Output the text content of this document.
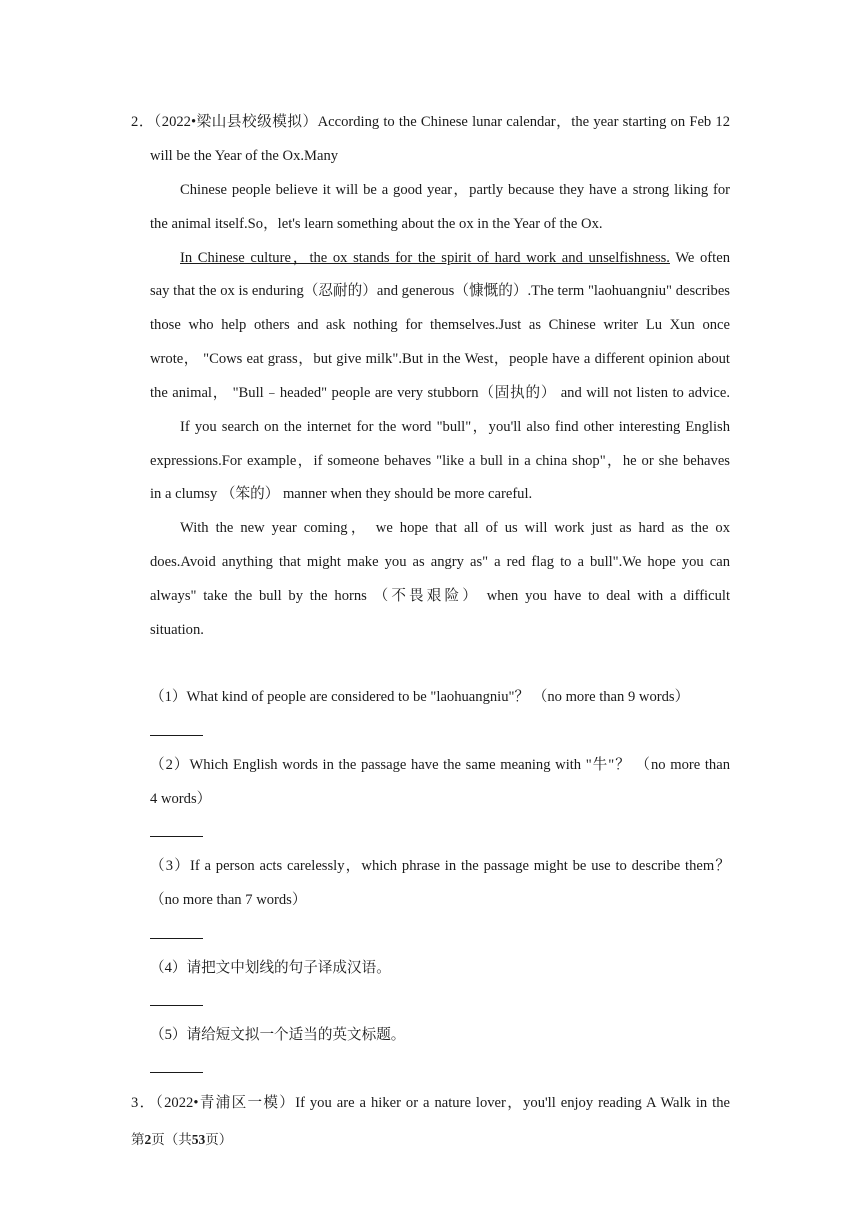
2．（2022•梁山县校级模拟）According to the Chinese lunar calendar，the year starting on Feb 12
will be the Year of the Ox.Many
Chinese people believe it will be a good year，partly because they have a strong liking for
the animal itself.So，let's learn something about the ox in the Year of the Ox.
In Chinese culture，the ox stands for the spirit of hard work and unselfishness. We often
say that the ox is enduring（忍耐的）and generous（慷慨的）.The term "laohuangniu" describes
those who help others and ask nothing for themselves.Just as Chinese writer Lu Xun once
wrote， "Cows eat grass，but give milk".But in the West，people have a different opinion about
the animal， "Bull﹣headed" people are very stubborn（固执的） and will not listen to advice.
If you search on the internet for the word "bull"，you'll also find other interesting English
expressions.For example，if someone behaves "like a bull in a china shop"，he or she behaves
in a clumsy （笨的） manner when they should be more careful.
With the new year coming， we hope that all of us will work just as hard as the ox
does.Avoid anything that might make you as angry as" a red flag to a bull".We hope you can
always" take the bull by the horns （不畏艰险） when you have to deal with a difficult
situation.
（1）What kind of people are considered to be "laohuangniu"？ （no more than 9 words）
（2）Which English words in the passage have the same meaning with "牛"？ （no more than
4 words）
（3）If a person acts carelessly，which phrase in the passage might be use to describe them？
（no more than 7 words）
（4）请把文中划线的句子译成汉语。
（5）请给短文拟一个适当的英文标题。
3．（2022•青浦区一模）If you are a hiker or a nature lover，you'll enjoy reading A Walk in the
第2页（共53页）
